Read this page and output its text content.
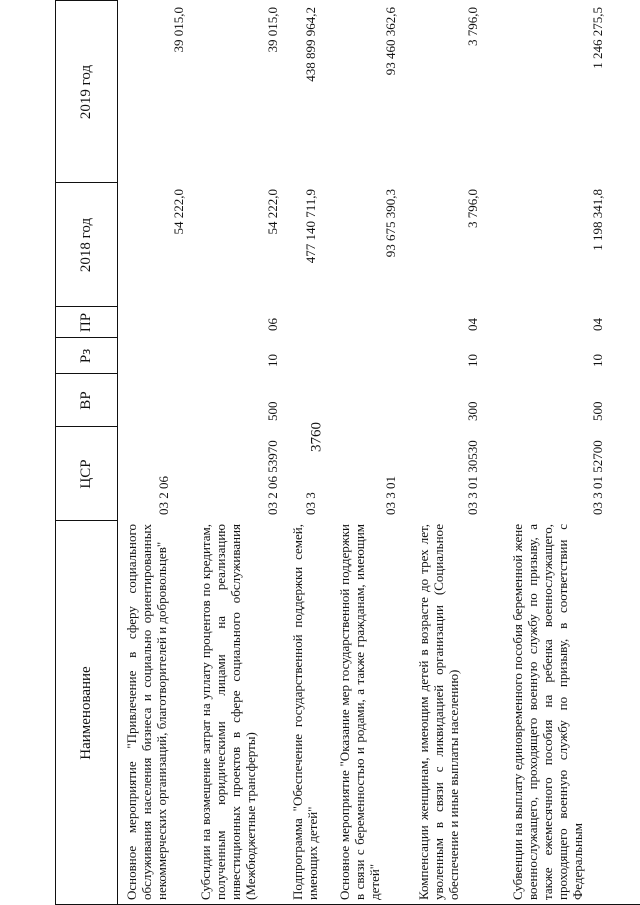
3760
Наименование
ЦСР
ВР
Рз
ПР
2018 год
2019 год
Основное мероприятие "Привлечение в сферу социального обслуживания населения бизнеса и социально ориентированных некоммерческих организаций, благотворителей и добровольцев"
03 2 06
54 222,0
39 015,0
Субсидии на возмещение затрат на уплату процентов по кредитам, полученным юридическими лицами на реализацию инвестиционных проектов в сфере социального обслуживания (Межбюджетные трансферты)
03 2 06 53970
500
10
06
54 222,0
39 015,0
Подпрограмма "Обеспечение государственной поддержки семей, имеющих детей"
03 3
477 140 711,9
438 899 964,2
Основное мероприятие "Оказание мер государственной поддержки в связи с беременностью и родами, а также гражданам, имеющим детей"
03 3 01
93 675 390,3
93 460 362,6
Компенсации женщинам, имеющим детей в возрасте до трех лет, уволенным в связи с ликвидацией организации (Социальное обеспечение и иные выплаты населению)
03 3 01 30530
300
10
04
3 796,0
3 796,0
Субвенции на выплату единовременного пособия беременной жене военнослужащего, проходящего военную службу по призыву, а также ежемесячного пособия на ребенка военнослужащего, проходящего военную службу по призыву, в соответствии с Федеральным
03 3 01 52700
500
10
04
1 198 341,8
1 246 275,5
